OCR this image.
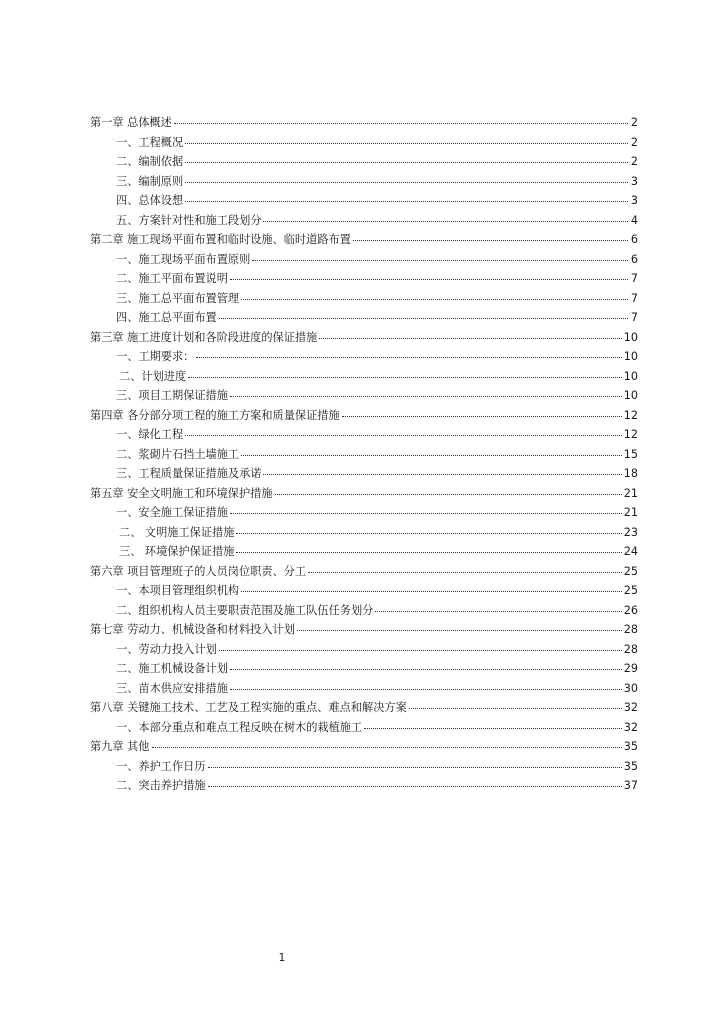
第一章 总体概述	2
一、工程概况	2
二、编制依据	2
三、编制原则	3
四、总体设想	3
五、方案针对性和施工段划分	4
第二章 施工现场平面布置和临时设施、临时道路布置	6
一、施工现场平面布置原则	6
二、施工平面布置说明	7
三、施工总平面布置管理	7
四、施工总平面布置	7
第三章 施工进度计划和各阶段进度的保证措施	10
一、工期要求：	10
二、计划进度	10
三、项目工期保证措施	10
第四章 各分部分项工程的施工方案和质量保证措施	12
一、绿化工程	12
二、浆砌片石挡土墙施工	15
三、工程质量保证措施及承诺	18
第五章 安全文明施工和环境保护措施	21
一、安全施工保证措施	21
二、 文明施工保证措施	23
三、 环境保护保证措施	24
第六章 项目管理班子的人员岗位职责、分工	25
一、本项目管理组织机构	25
二、组织机构人员主要职责范围及施工队伍任务划分	26
第七章 劳动力、机械设备和材料投入计划	28
一、劳动力投入计划	28
二、施工机械设备计划	29
三、苗木供应安排措施	30
第八章 关键施工技术、工艺及工程实施的重点、难点和解决方案	32
一、本部分重点和难点工程反映在树木的栽植施工	32
第九章 其他	35
一、养护工作日历	35
二、突击养护措施	37
1
